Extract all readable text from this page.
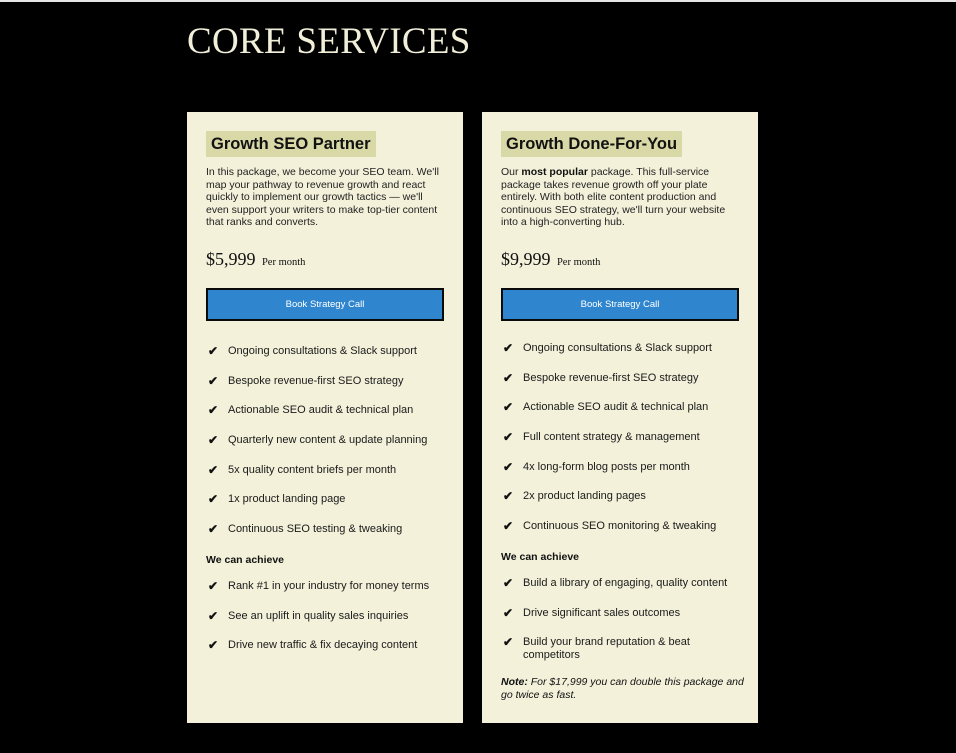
CORE SERVICES
Growth SEO Partner

In this package, we become your SEO team. We'll map your pathway to revenue growth and react quickly to implement our growth tactics — we'll even support your writers to make top-tier content that ranks and converts.

$5,999 Per month
Book Strategy Call
✔ Ongoing consultations & Slack support
✔ Bespoke revenue-first SEO strategy
✔ Actionable SEO audit & technical plan
✔ Quarterly new content & update planning
✔ 5x quality content briefs per month
✔ 1x product landing page
✔ Continuous SEO testing & tweaking

We can achieve

✔ Rank #1 in your industry for money terms
✔ See an uplift in quality sales inquiries
✔ Drive new traffic & fix decaying content
Growth Done-For-You

Our most popular package. This full-service package takes revenue growth off your plate entirely. With both elite content production and continuous SEO strategy, we'll turn your website into a high-converting hub.

$9,999 Per month
Book Strategy Call
✔ Ongoing consultations & Slack support
✔ Bespoke revenue-first SEO strategy
✔ Actionable SEO audit & technical plan
✔ Full content strategy & management
✔ 4x long-form blog posts per month
✔ 2x product landing pages
✔ Continuous SEO monitoring & tweaking

We can achieve

✔ Build a library of engaging, quality content
✔ Drive significant sales outcomes
✔ Build your brand reputation & beat competitors

Note: For $17,999 you can double this package and go twice as fast.
